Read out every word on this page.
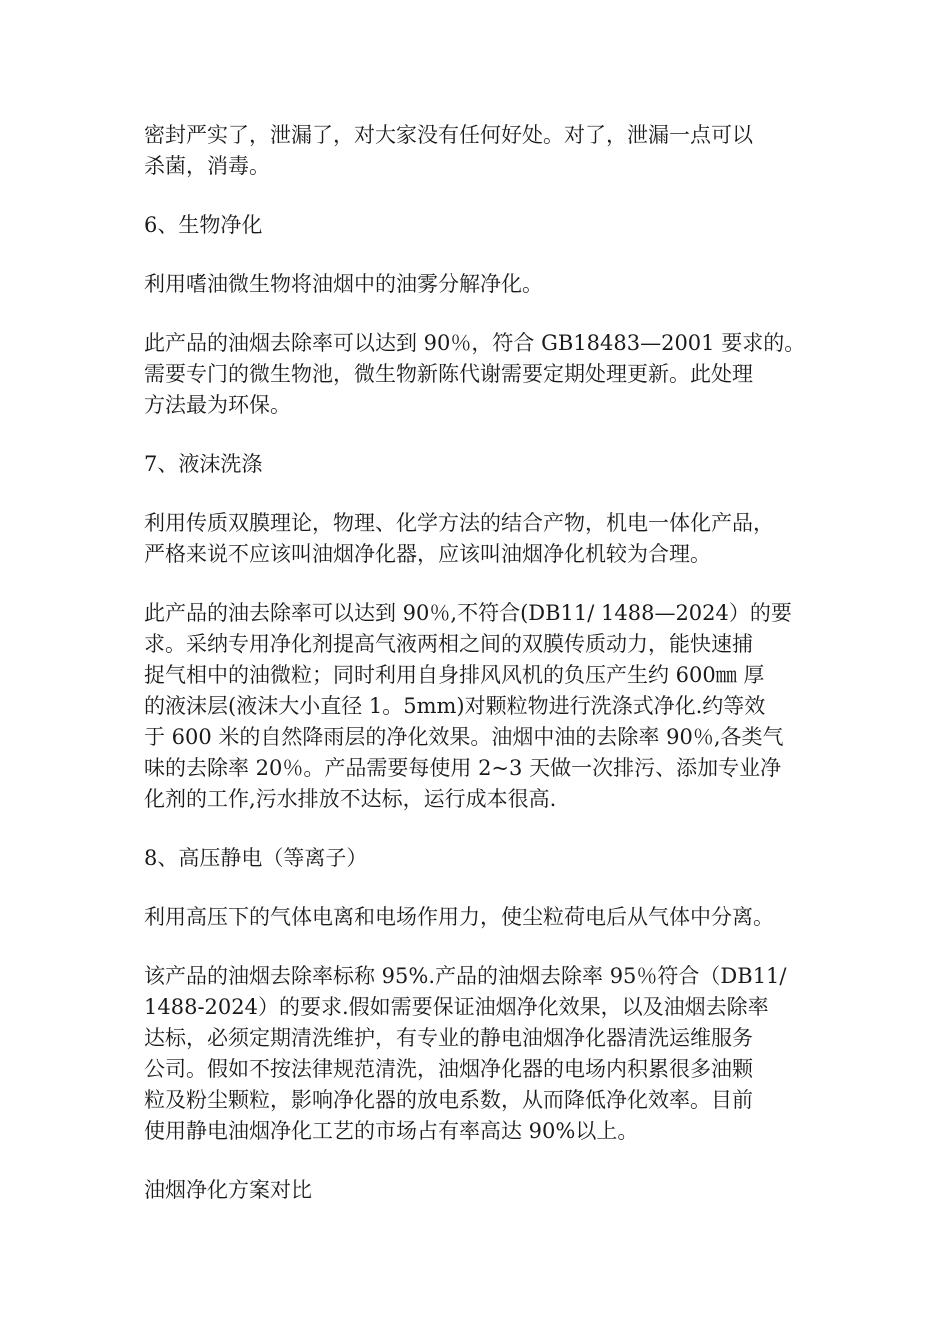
密封严实了，泄漏了，对大家没有任何好处。对了，泄漏一点可以
杀菌，消毒。

6、生物净化

利用嗜油微生物将油烟中的油雾分解净化。

此产品的油烟去除率可以达到 90％，符合 GB18483—2001 要求的。
需要专门的微生物池，微生物新陈代谢需要定期处理更新。此处理
方法最为环保。

7、液沫洗涤

利用传质双膜理论，物理、化学方法的结合产物，机电一体化产品，
严格来说不应该叫油烟净化器，应该叫油烟净化机较为合理。

此产品的油去除率可以达到 90％,不符合(DB11/ 1488—2024）的要
求。采纳专用净化剂提高气液两相之间的双膜传质动力，能快速捕
捉气相中的油微粒；同时利用自身排风风机的负压产生约 600㎜ 厚
的液沫层(液沫大小直径 1。5mm)对颗粒物进行洗涤式净化.约等效
于 600 米的自然降雨层的净化效果。油烟中油的去除率 90％,各类气
味的去除率 20％。产品需要每使用 2~3 天做一次排污、添加专业净
化剂的工作,污水排放不达标，运行成本很高.

8、高压静电（等离子）

利用高压下的气体电离和电场作用力，使尘粒荷电后从气体中分离。

该产品的油烟去除率标称 95%.产品的油烟去除率 95％符合（DB11/
1488-2024）的要求.假如需要保证油烟净化效果，以及油烟去除率
达标，必须定期清洗维护，有专业的静电油烟净化器清洗运维服务
公司。假如不按法律规范清洗，油烟净化器的电场内积累很多油颗
粒及粉尘颗粒，影响净化器的放电系数，从而降低净化效率。目前
使用静电油烟净化工艺的市场占有率高达 90%以上。

油烟净化方案对比
